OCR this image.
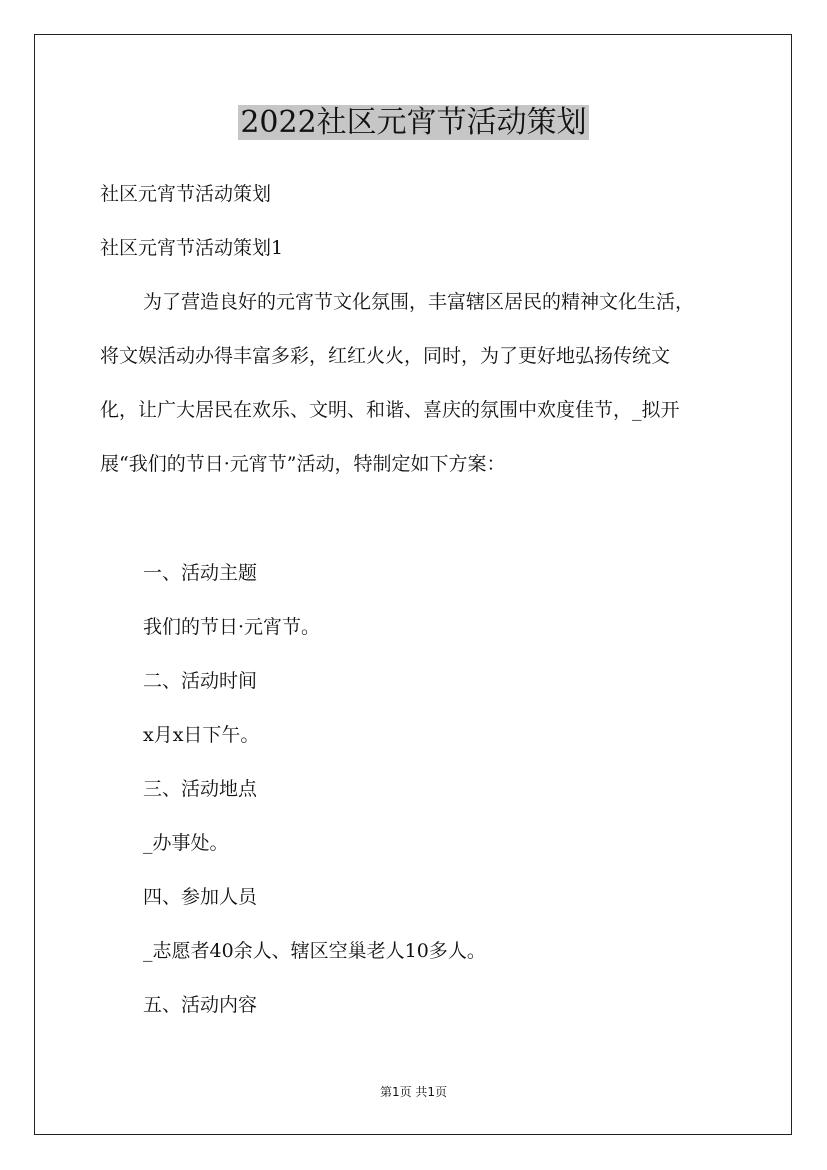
2022社区元宵节活动策划

社区元宵节活动策划

社区元宵节活动策划1

为了营造良好的元宵节文化氛围，丰富辖区居民的精神文化生活，

将文娱活动办得丰富多彩，红红火火，同时，为了更好地弘扬传统文

化，让广大居民在欢乐、文明、和谐、喜庆的氛围中欢度佳节，_拟开

展“我们的节日·元宵节”活动，特制定如下方案：

一、活动主题

我们的节日·元宵节。

二、活动时间

x月x日下午。

三、活动地点

_办事处。

四、参加人员

_志愿者40余人、辖区空巢老人10多人。

五、活动内容

第1页 共1页
